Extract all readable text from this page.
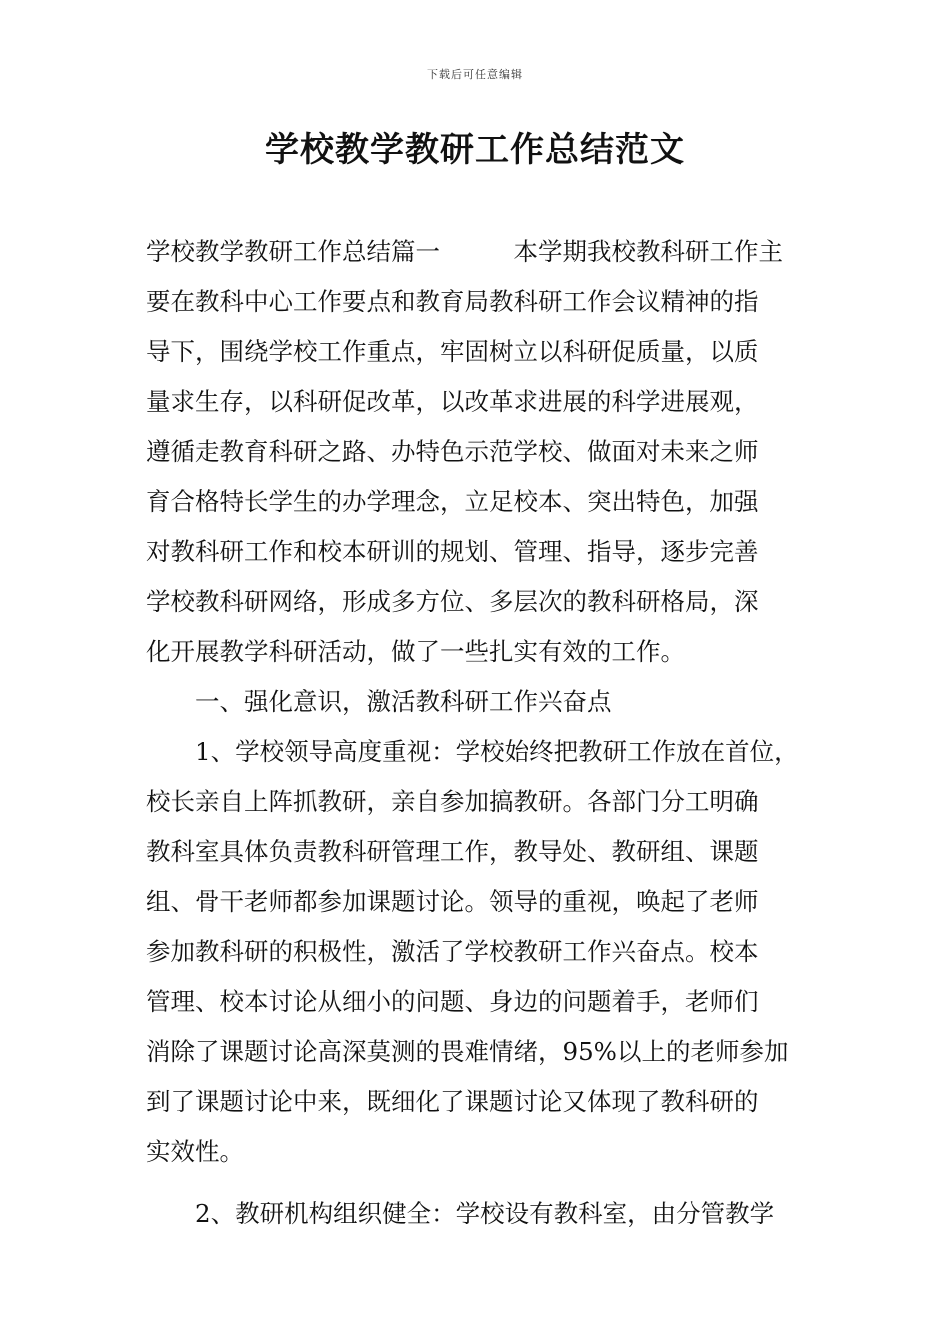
下载后可任意编辑
学校教学教研工作总结范文
学校教学教研工作总结篇一　　　本学期我校教科研工作主
要在教科中心工作要点和教育局教科研工作会议精神的指
导下，围绕学校工作重点，牢固树立以科研促质量，以质
量求生存，以科研促改革，以改革求进展的科学进展观，
遵循走教育科研之路、办特色示范学校、做面对未来之师
育合格特长学生的办学理念，立足校本、突出特色，加强
对教科研工作和校本研训的规划、管理、指导，逐步完善
学校教科研网络，形成多方位、多层次的教科研格局，深
化开展教学科研活动，做了一些扎实有效的工作。
　　一、强化意识，激活教科研工作兴奋点
　　1、学校领导高度重视：学校始终把教研工作放在首位，
校长亲自上阵抓教研，亲自参加搞教研。各部门分工明确
教科室具体负责教科研管理工作，教导处、教研组、课题
组、骨干老师都参加课题讨论。领导的重视，唤起了老师
参加教科研的积极性，激活了学校教研工作兴奋点。校本
管理、校本讨论从细小的问题、身边的问题着手，老师们
消除了课题讨论高深莫测的畏难情绪，95%以上的老师参加
到了课题讨论中来，既细化了课题讨论又体现了教科研的
实效性。
　　2、教研机构组织健全：学校设有教科室，由分管教学
